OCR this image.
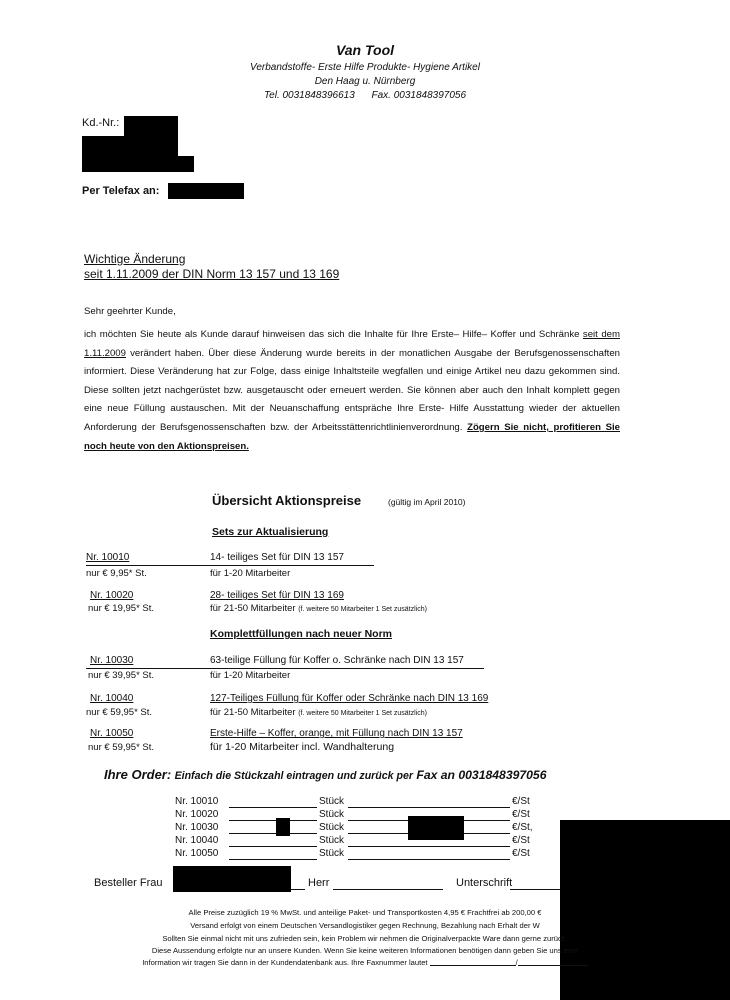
Van Tool
Verbandstoffe- Erste Hilfe Produkte- Hygiene Artikel
Den Haag u. Nürnberg
Tel. 0031848396613 Fax. 0031848397056
Kd.-Nr.:
Per Telefax an:
Wichtige Änderung
seit 1.11.2009 der DIN Norm 13 157 und 13 169
Sehr geehrter Kunde,
ich möchten Sie heute als Kunde darauf hinweisen das sich die Inhalte für Ihre Erste– Hilfe– Koffer und Schränke seit dem 1.11.2009 verändert haben. Über diese Änderung wurde bereits in der monatlichen Ausgabe der Berufsgenossenschaften informiert. Diese Veränderung hat zur Folge, dass einige Inhaltsteile wegfallen und einige Artikel neu dazu gekommen sind. Diese sollten jetzt nachgerüstet bzw. ausgetauscht oder erneuert werden. Sie können aber auch den Inhalt komplett gegen eine neue Füllung austauschen. Mit der Neuanschaffung entspräche Ihre Erste- Hilfe Ausstattung wieder der aktuellen Anforderung der Berufsgenossenschaften bzw. der Arbeitsstättenrichtlinienverordnung. Zögern Sie nicht, profitieren Sie noch heute von den Aktionspreisen.
Übersicht Aktionspreise	(gültig im April 2010)
Sets zur Aktualisierung
Nr. 10010	14- teiliges Set für DIN 13 157
nur € 9,95* St.	für 1-20 Mitarbeiter
Nr. 10020	28- teiliges Set für DIN 13 169
nur € 19,95* St.	für 21-50 Mitarbeiter (f. weitere 50 Mitarbeiter 1 Set zusätzlich)
Komplettfüllungen nach neuer Norm
Nr. 10030	63-teilige Füllung für Koffer o. Schränke nach DIN 13 157
nur € 39,95* St.	für 1-20 Mitarbeiter
Nr. 10040	127-Teiliges Füllung für Koffer oder Schränke nach DIN 13 169
nur € 59,95* St.	für 21-50 Mitarbeiter (f. weitere 50 Mitarbeiter 1 Set zusätzlich)
Nr. 10050	Erste-Hilfe – Koffer, orange, mit Füllung nach DIN 13 157
nur € 59,95* St.	für 1-20 Mitarbeiter incl. Wandhalterung
Ihre Order: Einfach die Stückzahl eintragen und zurück per Fax an 0031848397056
Nr. 10010	Stück	€/St
Nr. 10020	Stück	€/St
Nr. 10030	Stück	€/St,
Nr. 10040	Stück	€/St
Nr. 10050	Stück	€/St
Besteller Frau	Herr	Unterschrift
Alle Preise zuzüglich 19 % MwSt. und anteilige Paket- und Transportkosten 4,95 € Frachtfrei ab 200,00 €
Versand erfolgt von einem Deutschen Versandlogistiker gegen Rechnung, Bezahlung nach Erhalt der W
Sollten Sie einmal nicht mit uns zufrieden sein, kein Problem wir nehmen die Originalverpackte Ware dann gerne zurück.
Diese Aussendung erfolgte nur an unsere Kunden. Wenn Sie keine weiteren Informationen benötigen dann geben Sie uns eine
Information wir tragen Sie dann in der Kundendatenbank aus. Ihre Faxnummer lautet	/
